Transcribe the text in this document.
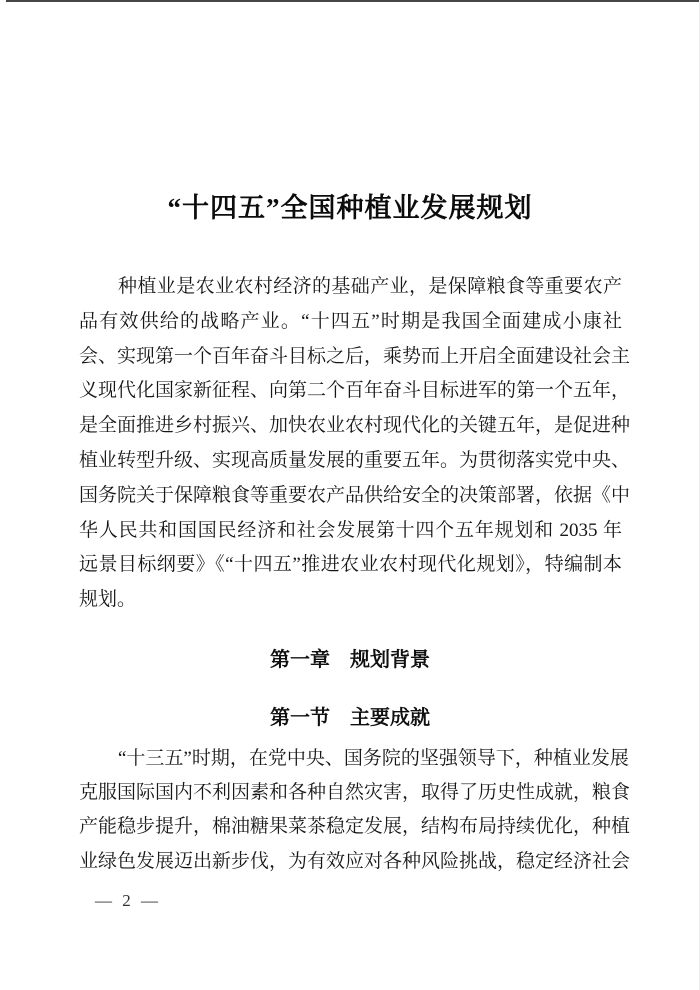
“十四五”全国种植业发展规划
种植业是农业农村经济的基础产业，是保障粮食等重要农产
品有效供给的战略产业。“十四五”时期是我国全面建成小康社
会、实现第一个百年奋斗目标之后，乘势而上开启全面建设社会主
义现代化国家新征程、向第二个百年奋斗目标进军的第一个五年，
是全面推进乡村振兴、加快农业农村现代化的关键五年，是促进种
植业转型升级、实现高质量发展的重要五年。为贯彻落实党中央、
国务院关于保障粮食等重要农产品供给安全的决策部署，依据《中
华人民共和国国民经济和社会发展第十四个五年规划和 2035 年
远景目标纲要》《“十四五”推进农业农村现代化规划》，特编制本
规划。
第一章　规划背景
第一节　主要成就
“十三五”时期，在党中央、国务院的坚强领导下，种植业发展
克服国际国内不利因素和各种自然灾害，取得了历史性成就，粮食
产能稳步提升，棉油糖果菜茶稳定发展，结构布局持续优化，种植
业绿色发展迈出新步伐，为有效应对各种风险挑战，稳定经济社会
— 2 —
